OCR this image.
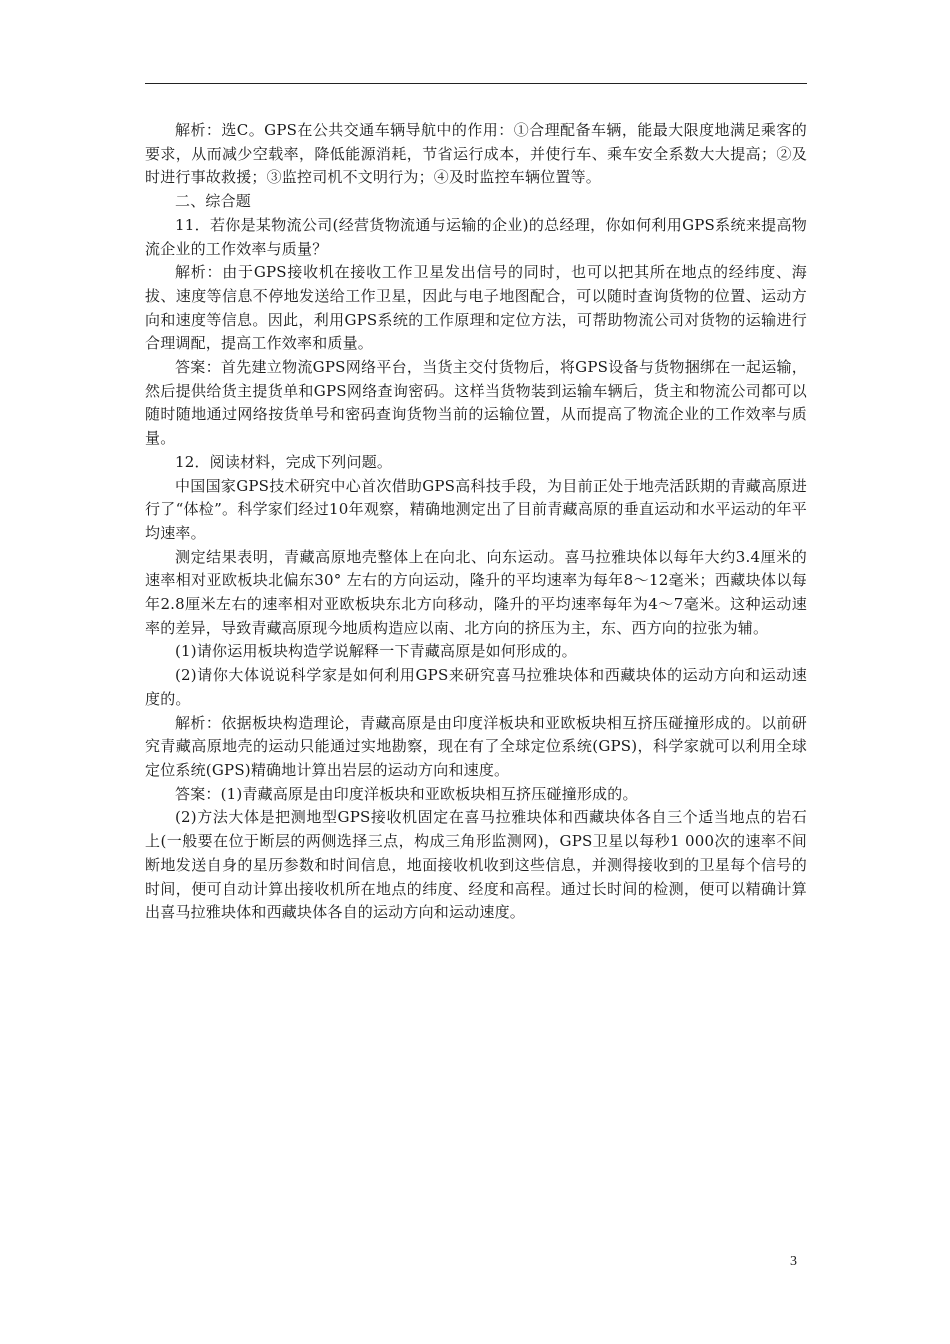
解析：选C。GPS在公共交通车辆导航中的作用：①合理配备车辆，能最大限度地满足乘客的要求，从而减少空载率，降低能源消耗，节省运行成本，并使行车、乘车安全系数大大提高；②及时进行事故救援；③监控司机不文明行为；④及时监控车辆位置等。

二、综合题

11．若你是某物流公司(经营货物流通与运输的企业)的总经理，你如何利用GPS系统来提高物流企业的工作效率与质量？

解析：由于GPS接收机在接收工作卫星发出信号的同时，也可以把其所在地点的经纬度、海拔、速度等信息不停地发送给工作卫星，因此与电子地图配合，可以随时查询货物的位置、运动方向和速度等信息。因此，利用GPS系统的工作原理和定位方法，可帮助物流公司对货物的运输进行合理调配，提高工作效率和质量。

答案：首先建立物流GPS网络平台，当货主交付货物后，将GPS设备与货物捆绑在一起运输，然后提供给货主提货单和GPS网络查询密码。这样当货物装到运输车辆后，货主和物流公司都可以随时随地通过网络按货单号和密码查询货物当前的运输位置，从而提高了物流企业的工作效率与质量。

12．阅读材料，完成下列问题。

中国国家GPS技术研究中心首次借助GPS高科技手段，为目前正处于地壳活跃期的青藏高原进行了“体检”。科学家们经过10年观察，精确地测定出了目前青藏高原的垂直运动和水平运动的年平均速率。

测定结果表明，青藏高原地壳整体上在向北、向东运动。喜马拉雅块体以每年大约3.4厘米的速率相对亚欧板块北偏东30° 左右的方向运动，隆升的平均速率为每年8～12毫米；西藏块体以每年2.8厘米左右的速率相对亚欧板块东北方向移动，隆升的平均速率每年为4～7毫米。这种运动速率的差异，导致青藏高原现今地质构造应以南、北方向的挤压为主，东、西方向的拉张为辅。

(1)请你运用板块构造学说解释一下青藏高原是如何形成的。

(2)请你大体说说科学家是如何利用GPS来研究喜马拉雅块体和西藏块体的运动方向和运动速度的。

解析：依据板块构造理论，青藏高原是由印度洋板块和亚欧板块相互挤压碰撞形成的。以前研究青藏高原地壳的运动只能通过实地勘察，现在有了全球定位系统(GPS)，科学家就可以利用全球定位系统(GPS)精确地计算出岩层的运动方向和速度。

答案：(1)青藏高原是由印度洋板块和亚欧板块相互挤压碰撞形成的。

(2)方法大体是把测地型GPS接收机固定在喜马拉雅块体和西藏块体各自三个适当地点的岩石上(一般要在位于断层的两侧选择三点，构成三角形监测网)，GPS卫星以每秒1 000次的速率不间断地发送自身的星历参数和时间信息，地面接收机收到这些信息，并测得接收到的卫星每个信号的时间，便可自动计算出接收机所在地点的纬度、经度和高程。通过长时间的检测，便可以精确计算出喜马拉雅块体和西藏块体各自的运动方向和运动速度。

3
